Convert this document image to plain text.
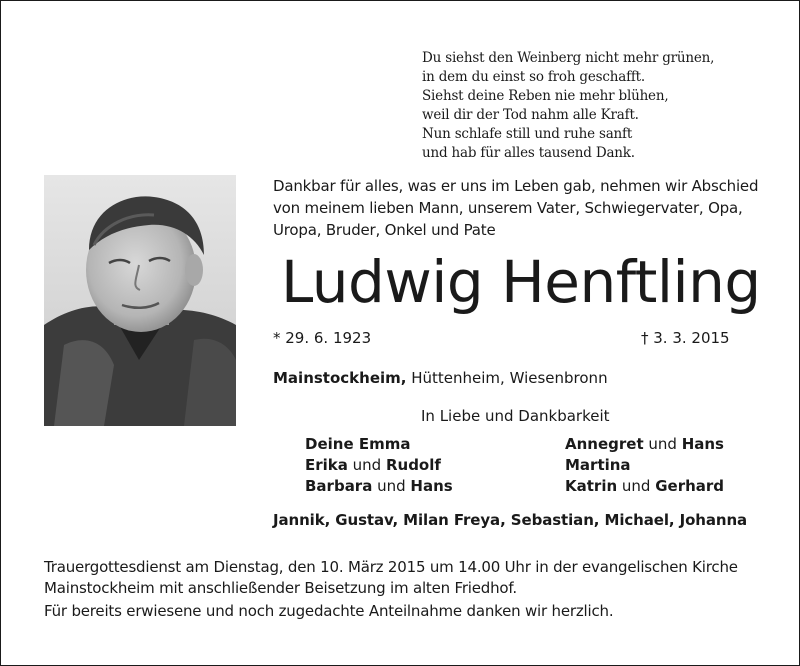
Du siehst den Weinberg nicht mehr grünen,
in dem du einst so froh geschafft.
Siehst deine Reben nie mehr blühen,
weil dir der Tod nahm alle Kraft.
Nun schlafe still und ruhe sanft
und hab für alles tausend Dank.
Dankbar für alles, was er uns im Leben gab, nehmen wir Abschied
von meinem lieben Mann, unserem Vater, Schwiegervater, Opa,
Uropa, Bruder, Onkel und Pate
Ludwig Henftling
* 29. 6. 1923	† 3. 3. 2015
Mainstockheim, Hüttenheim, Wiesenbronn
In Liebe und Dankbarkeit
Deine Emma
Erika und Rudolf
Barbara und Hans
Annegret und Hans
Martina
Katrin und Gerhard
Jannik, Gustav, Milan Freya, Sebastian, Michael, Johanna
Trauergottesdienst am Dienstag, den 10. März 2015 um 14.00 Uhr in der evangelischen Kirche
Mainstockheim mit anschließender Beisetzung im alten Friedhof.
Für bereits erwiesene und noch zugedachte Anteilnahme danken wir herzlich.
